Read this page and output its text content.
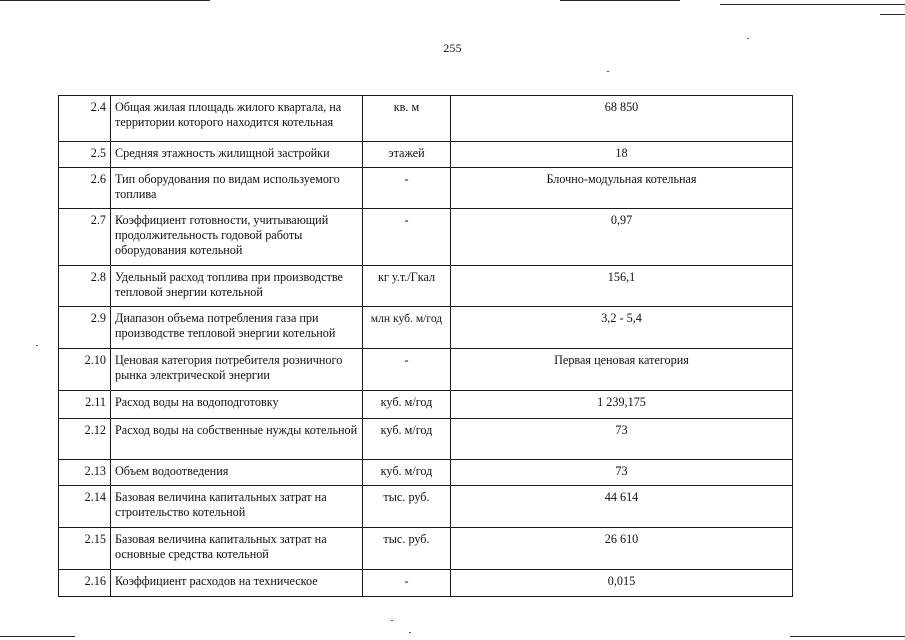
255
2.4	Общая жилая площадь жилого квартала, на территории которого находится котельная	кв. м	68 850
2.5	Средняя этажность жилищной застройки	этажей	18
2.6	Тип оборудования по видам используемого топлива	-	Блочно-модульная котельная
2.7	Коэффициент готовности, учитывающий продолжительность годовой работы оборудования котельной	-	0,97
2.8	Удельный расход топлива при производстве тепловой энергии котельной	кг у.т./Гкал	156,1
2.9	Диапазон объема потребления газа при производстве тепловой энергии котельной	млн куб. м/год	3,2 - 5,4
2.10	Ценовая категория потребителя розничного рынка электрической энергии	-	Первая ценовая категория
2.11	Расход воды на водоподготовку	куб. м/год	1 239,175
2.12	Расход воды на собственные нужды котельной	куб. м/год	73
2.13	Объем водоотведения	куб. м/год	73
2.14	Базовая величина капитальных затрат на строительство котельной	тыс. руб.	44 614
2.15	Базовая величина капитальных затрат на основные средства котельной	тыс. руб.	26 610
2.16	Коэффициент расходов на техническое	-	0,015
